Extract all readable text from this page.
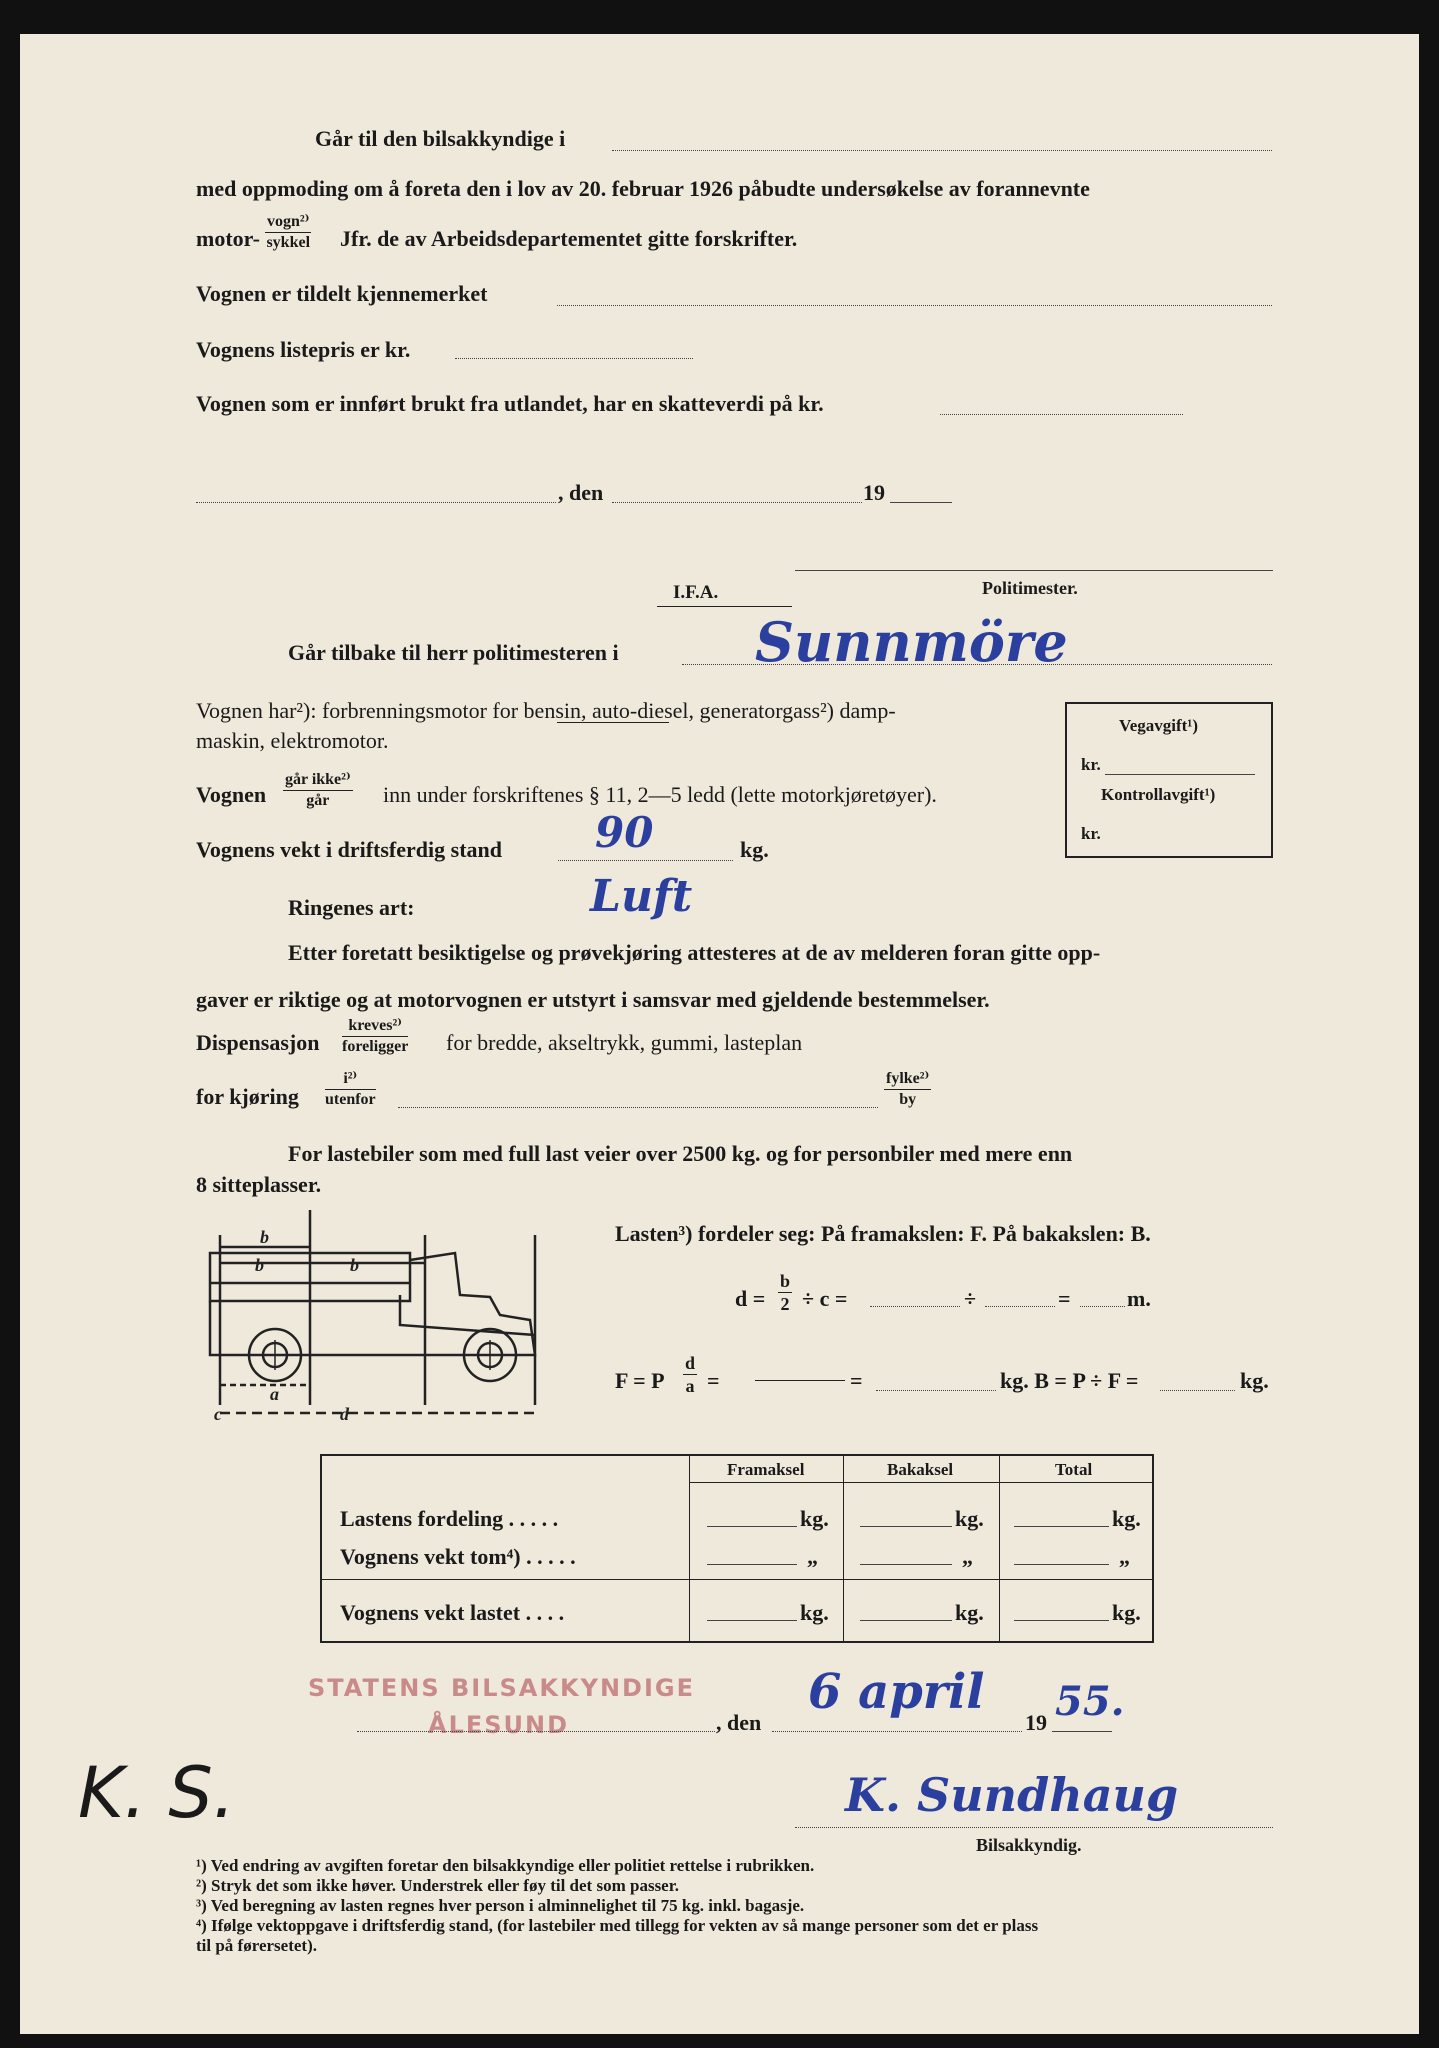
Går til den bilsakkyndige i
med oppmoding om å foreta den i lov av 20. februar 1926 påbudte undersøkelse av forannevnte
motor-
vogn²⁾
sykkel Jfr. de av Arbeidsdepartementet gitte forskrifter.
Vognen er tildelt kjennemerket
Vognens listepris er kr.
Vognen som er innført brukt fra utlandet, har en skatteverdi på kr.
, den	19
I.F.A.	Politimester.
Går tilbake til herr politimesteren i	Sunnmöre
Vegavgift¹)
kr.
Kontrollavgift¹)
kr.
Vognen har²): forbrenningsmotor for bensin, auto-diesel, generatorgass²) damp-
maskin, elektromotor.
Vognen
går ikke²⁾
går	inn under forskriftenes § 11, 2—5 ledd (lette motorkjøretøyer).
Vognens vekt i driftsferdig stand	kg.
90
Ringenes art:	Luft
Etter foretatt besiktigelse og prøvekjøring attesteres at de av melderen foran gitte opp-
gaver er riktige og at motorvognen er utstyrt i samsvar med gjeldende bestemmelser.
Dispensasjon
kreves²⁾
foreligger for bredde, akseltrykk, gummi, lasteplan
for kjøring
i²⁾
utenfor
fylke²⁾
by
For lastebiler som med full last veier over 2500 kg. og for personbiler med mere enn
8 sitteplasser.
b
b	b
a
c	d
Lasten³) fordeler seg: På framakslen: F. På bakakslen: B.
$d = \frac{b}{2} \div c$ =	÷	=	m.
F = P $\frac{d}{a}$ =	=	kg. B = P ÷ F =	kg.
Framaksel	Bakaksel	Total
Lastens fordeling . . . . .	kg.	kg.	kg.
Vognens vekt tom⁴) . . . . .	„	„	„
Vognens vekt lastet . . . .	kg.	kg.	kg.
STATENS BILSAKKYNDIGE
ÅLESUND	, den	19
6 april 55.
K. Sundhaug
Bilsakkyndig.
K. S.
¹) Ved endring av avgiften foretar den bilsakkyndige eller politiet rettelse i rubrikken.
²) Stryk det som ikke høver. Understrek eller føy til det som passer.
³) Ved beregning av lasten regnes hver person i alminnelighet til 75 kg. inkl. bagasje.
⁴) Ifølge vektoppgave i driftsferdig stand, (for lastebiler med tillegg for vekten av så mange personer som det er plass
til på førersetet).
